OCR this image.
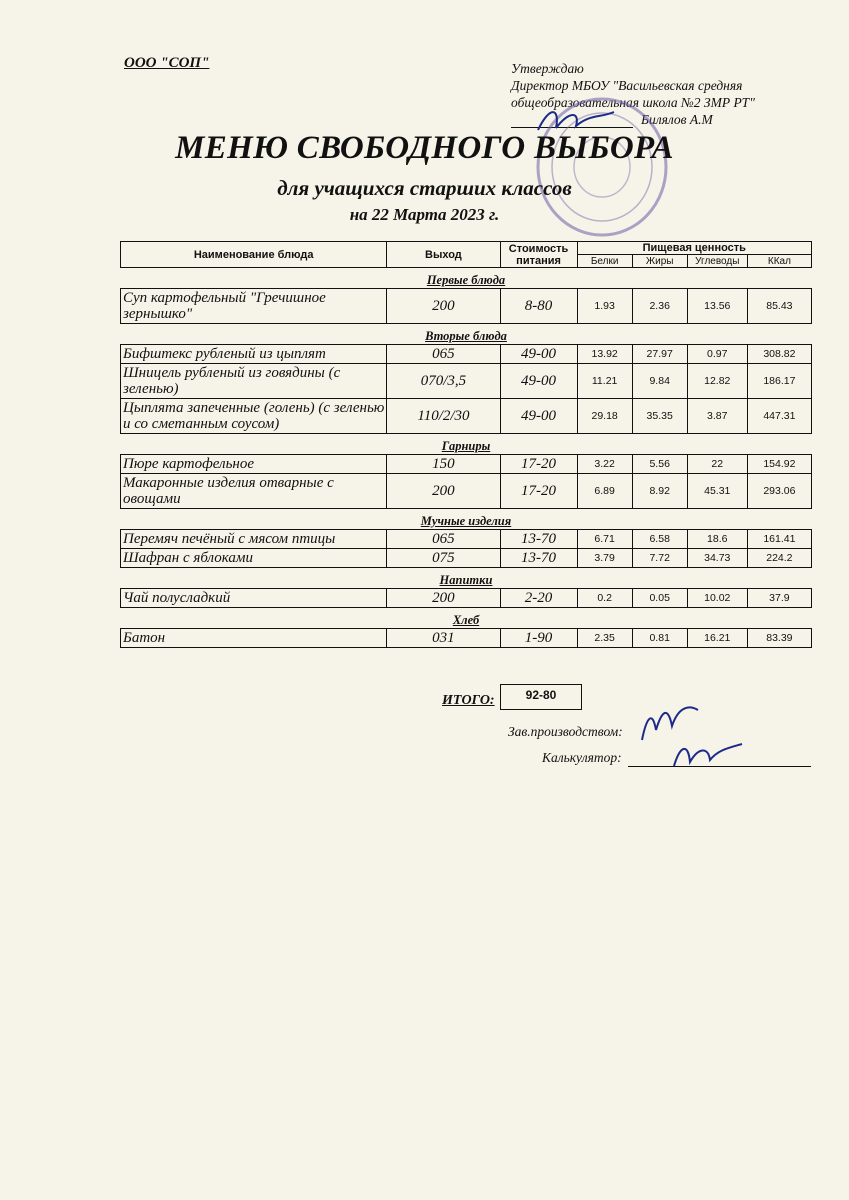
ООО "СОП"	Утверждаю
Директор МБОУ "Васильевская средняя
общеобразовательная школа №2 ЗМР РТ"
Билялов А.М
МЕНЮ СВОБОДНОГО ВЫБОРА
для учащихся старших классов
на 22 Марта 2023 г.
Наименование блюда	Выход	Стоимость питания	Пищевая ценность			
			Белки	Жиры	Углеводы	ККал
Первые блюда						
Суп картофельный "Гречишное зернышко"	200	8-80	1.93	2.36	13.56	85.43
Вторые блюда						
Бифштекс рубленый из цыплят	065	49-00	13.92	27.97	0.97	308.82
Шницель рубленый из говядины (с зеленью)	070/3,5	49-00	11.21	9.84	12.82	186.17
Цыплята запеченные (голень) (с зеленью и со сметанным соусом)	110/2/30	49-00	29.18	35.35	3.87	447.31
Гарниры						
Пюре картофельное	150	17-20	3.22	5.56	22	154.92
Макаронные изделия отварные с овощами	200	17-20	6.89	8.92	45.31	293.06
Мучные изделия						
Перемяч печёный с мясом птицы	065	13-70	6.71	6.58	18.6	161.41
Шафран с яблоками	075	13-70	3.79	7.72	34.73	224.2
Напитки						
Чай полусладкий	200	2-20	0.2	0.05	10.02	37.9
Хлеб						
Батон	031	1-90	2.35	0.81	16.21	83.39
ИТОГО:	92-80
Зав.производством:
Калькулятор:
